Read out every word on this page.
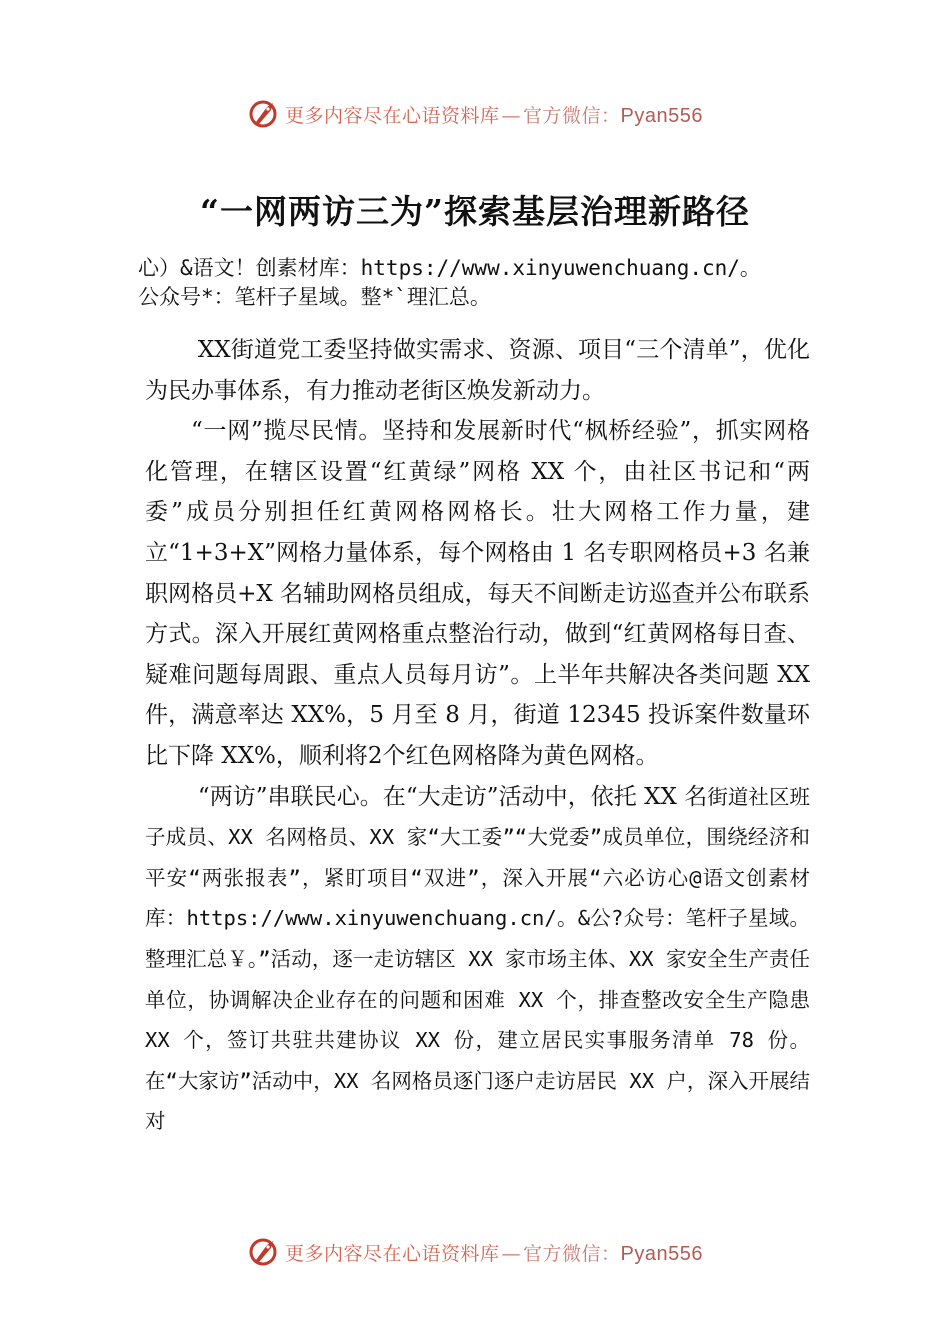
更多内容尽在心语资料库 — 官方微信：Pyan556
“一网两访三为”探索基层治理新路径
心）&语文！创素材库：https://www.xinyuwenchuang.cn/。
公众号*：笔杆子星域。整*`理汇总。

XX街道党工委坚持做实需求、资源、项目“三个清单”，优化为民办事体系，有力推动老街区焕发新动力。

“一网”揽尽民情。坚持和发展新时代“枫桥经验”，抓实网格化管理，在辖区设置“红黄绿”网格 XX 个，由社区书记和“两委”成员分别担任红黄网格网格长。壮大网格工作力量，建立“1+3+X”网格力量体系，每个网格由 1 名专职网格员+3 名兼职网格员+X 名辅助网格员组成，每天不间断走访巡查并公布联系方式。深入开展红黄网格重点整治行动，做到“红黄网格每日查、疑难问题每周跟、重点人员每月访”。上半年共解决各类问题 XX 件，满意率达 XX%，5 月至 8 月，街道 12345 投诉案件数量环比下降 XX%，顺利将2个红色网格降为黄色网格。

“两访”串联民心。在“大走访”活动中，依托 XX 名街道社区班子成员、XX 名网格员、XX 家“大工委”“大党委”成员单位，围绕经济和平安“两张报表”，紧盯项目“双进”，深入开展“六必访心@语文创素材库：https://www.xinyuwenchuang.cn/。&公?众号：笔杆子星域。整理汇总￥。”活动，逐一走访辖区 XX 家市场主体、XX 家安全生产责任单位，协调解决企业存在的问题和困难 XX 个，排查整改安全生产隐患 XX 个，签订共驻共建协议 XX 份，建立居民实事服务清单 78 份。在“大家访”活动中，XX 名网格员逐门逐户走访居民 XX 户，深入开展结对

更多内容尽在心语资料库 — 官方微信：Pyan556
